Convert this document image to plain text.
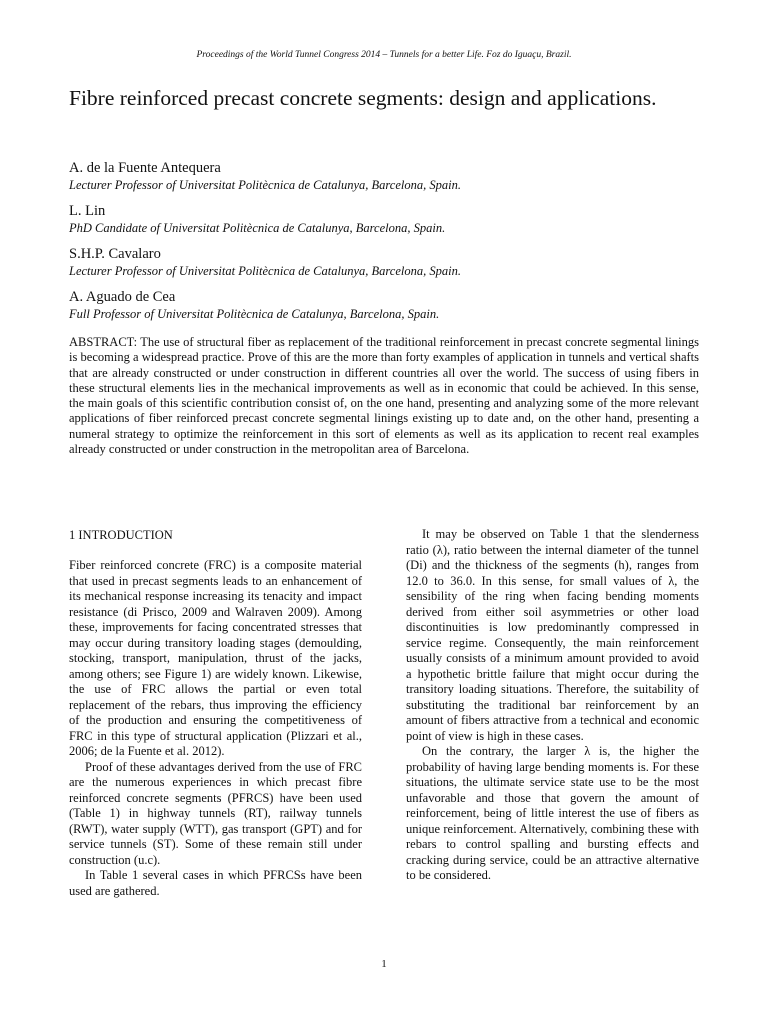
Proceedings of the World Tunnel Congress 2014 – Tunnels for a better Life. Foz do Iguaçu, Brazil.
Fibre reinforced precast concrete segments: design and applications.
A. de la Fuente Antequera
Lecturer Professor of Universitat Politècnica de Catalunya, Barcelona, Spain.
L. Lin
PhD Candidate of Universitat Politècnica de Catalunya, Barcelona, Spain.
S.H.P. Cavalaro
Lecturer Professor of Universitat Politècnica de Catalunya, Barcelona, Spain.
A. Aguado de Cea
Full Professor of Universitat Politècnica de Catalunya, Barcelona, Spain.

ABSTRACT: The use of structural fiber as replacement of the traditional reinforcement in precast concrete segmental linings is becoming a widespread practice. Prove of this are the more than forty examples of application in tunnels and vertical shafts that are already constructed or under construction in different countries all over the world. The success of using fibers in these structural elements lies in the mechanical improvements as well as in economic that could be achieved. In this sense, the main goals of this scientific contribution consist of, on the one hand, presenting and analyzing some of the more relevant applications of fiber reinforced precast concrete segmental linings existing up to date and, on the other hand, presenting a numeral strategy to optimize the reinforcement in this sort of elements as well as its application to recent real examples already constructed or under construction in the metropolitan area of Barcelona.

1 INTRODUCTION

Fiber reinforced concrete (FRC) is a composite material that used in precast segments leads to an enhancement of its mechanical response increasing its tenacity and impact resistance (di Prisco, 2009 and Walraven 2009). Among these, improvements for facing concentrated stresses that may occur during transitory loading stages (demoulding, stocking, transport, manipulation, thrust of the jacks, among others; see Figure 1) are widely known. Likewise, the use of FRC allows the partial or even total replacement of the rebars, thus improving the efficiency of the production and ensuring the competitiveness of FRC in this type of structural application (Plizzari et al., 2006; de la Fuente et al. 2012).

Proof of these advantages derived from the use of FRC are the numerous experiences in which precast fibre reinforced concrete segments (PFRCS) have been used (Table 1) in highway tunnels (RT), railway tunnels (RWT), water supply (WTT), gas transport (GPT) and for service tunnels (ST). Some of these remain still under construction (u.c).

In Table 1 several cases in which PFRCSs have been used are gathered.

It may be observed on Table 1 that the slenderness ratio (λ), ratio between the internal diameter of the tunnel (Di) and the thickness of the segments (h), ranges from 12.0 to 36.0. In this sense, for small values of λ, the sensibility of the ring when facing bending moments derived from either soil asymmetries or other load discontinuities is low predominantly compressed in service regime. Consequently, the main reinforcement usually consists of a minimum amount provided to avoid a hypothetic brittle failure that might occur during the transitory loading situations. Therefore, the suitability of substituting the traditional bar reinforcement by an amount of fibers attractive from a technical and economic point of view is high in these cases.

On the contrary, the larger λ is, the higher the probability of having large bending moments is. For these situations, the ultimate service state use to be the most unfavorable and those that govern the amount of reinforcement, being of little interest the use of fibers as unique reinforcement. Alternatively, combining these with rebars to control spalling and bursting effects and cracking during service, could be an attractive alternative to be considered.

1
